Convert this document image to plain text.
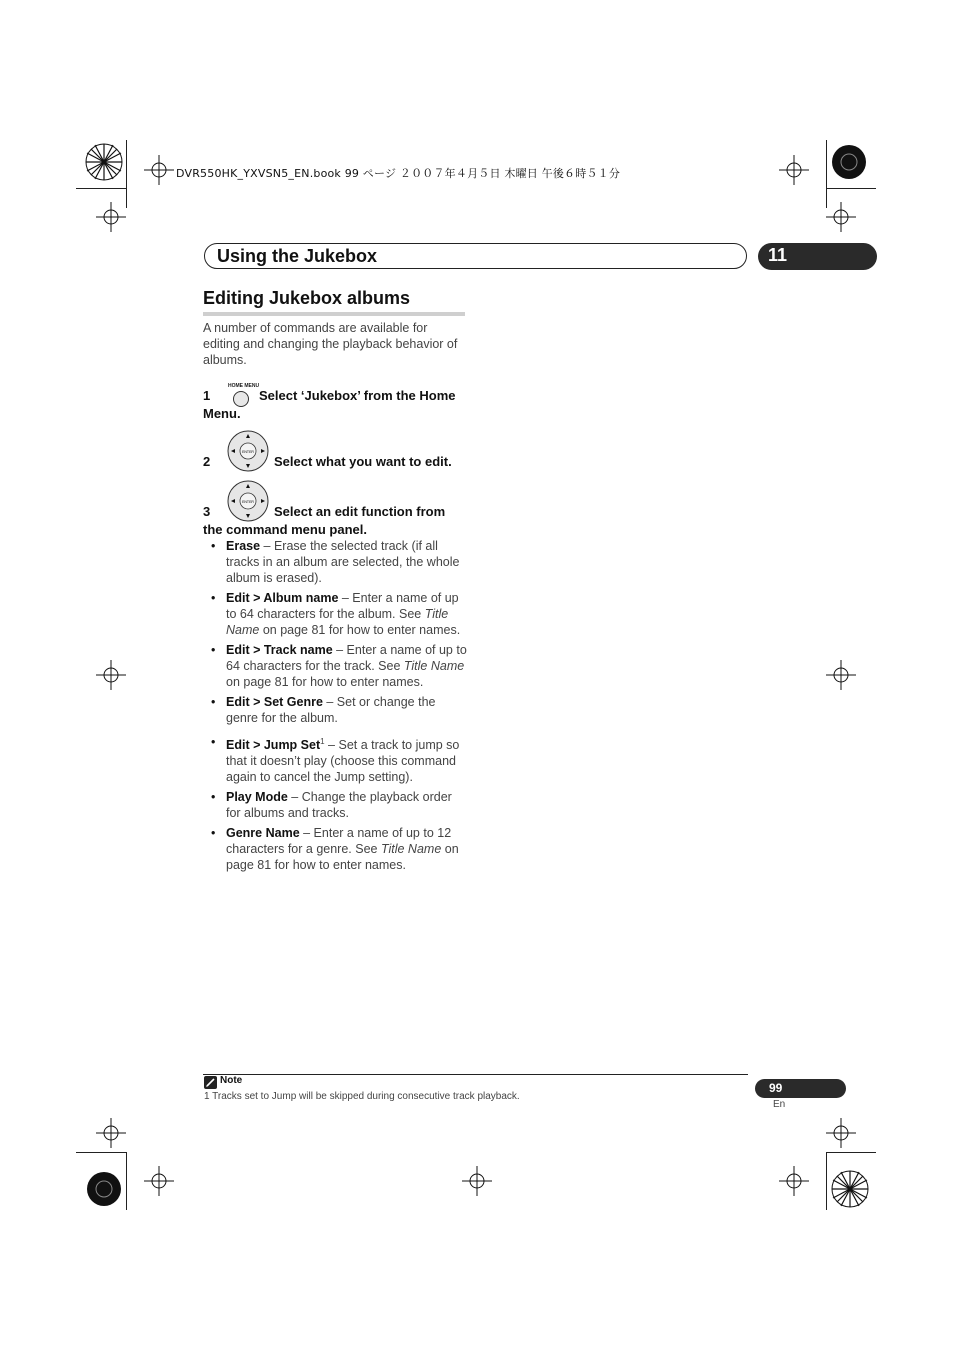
DVR550HK_YXVSN5_EN.book 99 ページ ２００７年４月５日 木曜日 午後６時５１分
Using the Jukebox	11
Editing Jukebox albums
A number of commands are available for editing and changing the playback behavior of albums.
HOME MENU
1	Select ‘Jukebox’ from the Home
Menu.
ENTER
2	Select what you want to edit.
ENTER
3	Select an edit function from
the command menu panel.
• Erase – Erase the selected track (if all tracks in an album are selected, the whole album is erased).
• Edit > Album name – Enter a name of up to 64 characters for the album. See Title Name on page 81 for how to enter names.
• Edit > Track name – Enter a name of up to 64 characters for the track. See Title Name on page 81 for how to enter names.
• Edit > Set Genre – Set or change the genre for the album.
• Edit > Jump Set$^1$ – Set a track to jump so that it doesn’t play (choose this command again to cancel the Jump setting).
• Play Mode – Change the playback order for albums and tracks.
• Genre Name – Enter a name of up to 12 characters for a genre. See Title Name on page 81 for how to enter names.
Note
1 Tracks set to Jump will be skipped during consecutive track playback.
99
En
